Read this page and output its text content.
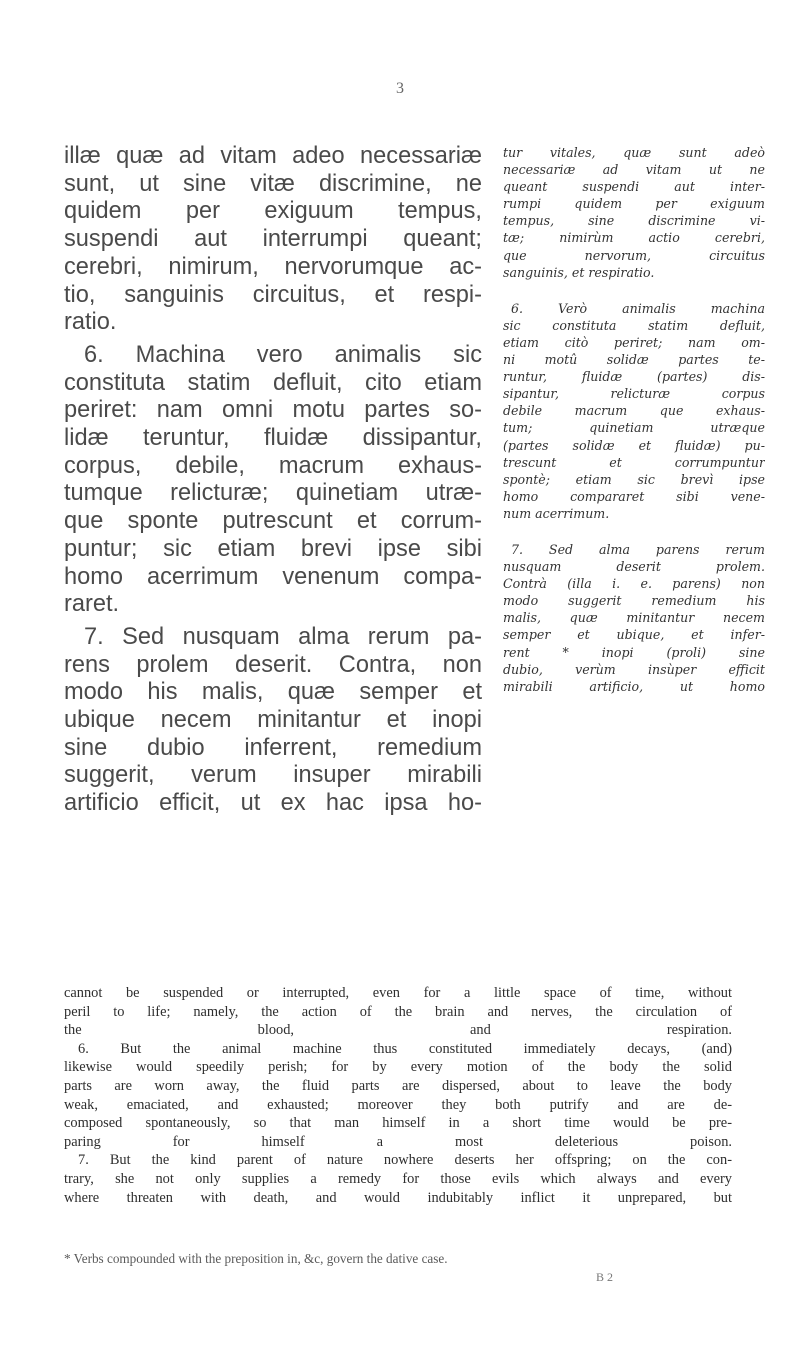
3
illæ quæ ad vitam adeo necessariæ
sunt, ut sine vitæ discrimine, ne
quidem per exiguum tempus,
suspendi aut interrumpi queant;
cerebri, nimirum, nervorumque ac-
tio, sanguinis circuitus, et respi-
ratio.
6. Machina vero animalis sic
constituta statim defluit, cito etiam
periret: nam omni motu partes so-
lidæ teruntur, fluidæ dissipantur,
corpus, debile, macrum exhaus-
tumque relicturæ; quinetiam utræ-
que sponte putrescunt et corrum-
puntur; sic etiam brevi ipse sibi
homo acerrimum venenum compa-
raret.
7. Sed nusquam alma rerum pa-
rens prolem deserit. Contra, non
modo his malis, quæ semper et
ubique necem minitantur et inopi
sine dubio inferrent, remedium
suggerit, verum insuper mirabili
artificio efficit, ut ex hac ipsa ho-
tur vitales, quæ sunt adeò
necessariæ ad vitam ut ne
queant suspendi aut inter-
rumpi quidem per exiguum
tempus, sine discrimine vi-
tæ; nimirùm actio cerebri,
que nervorum, circuitus
sanguinis, et respiratio.
6. Verò animalis machina
sic constituta statim defluit,
etiam citò periret; nam om-
ni motû solidæ partes te-
runtur, fluidæ (partes) dis-
sipantur, relicturæ corpus
debile macrum que exhaus-
tum; quinetiam utræque
(partes solidæ et fluidæ) pu-
trescunt et corrumpuntur
spontè; etiam sic brevì ipse
homo compararet sibi vene-
num acerrimum.
7. Sed alma parens rerum
nusquam deserit prolem.
Contrà (illa i. e. parens) non
modo suggerit remedium his
malis, quæ minitantur necem
semper et ubique, et infer-
rent * inopi (proli) sine
dubio, verùm insùper efficit
mirabili artificio, ut homo
cannot be suspended or interrupted, even for a little space of time, without
peril to life; namely, the action of the brain and nerves, the circulation of
the blood, and respiration.
6. But the animal machine thus constituted immediately decays, (and)
likewise would speedily perish; for by every motion of the body the solid
parts are worn away, the fluid parts are dispersed, about to leave the body
weak, emaciated, and exhausted; moreover they both putrify and are de-
composed spontaneously, so that man himself in a short time would be pre-
paring for himself a most deleterious poison.
7. But the kind parent of nature nowhere deserts her offspring; on the con-
trary, she not only supplies a remedy for those evils which always and every
where threaten with death, and would indubitably inflict it unprepared, but
* Verbs compounded with the preposition in, &c, govern the dative case.
B 2
